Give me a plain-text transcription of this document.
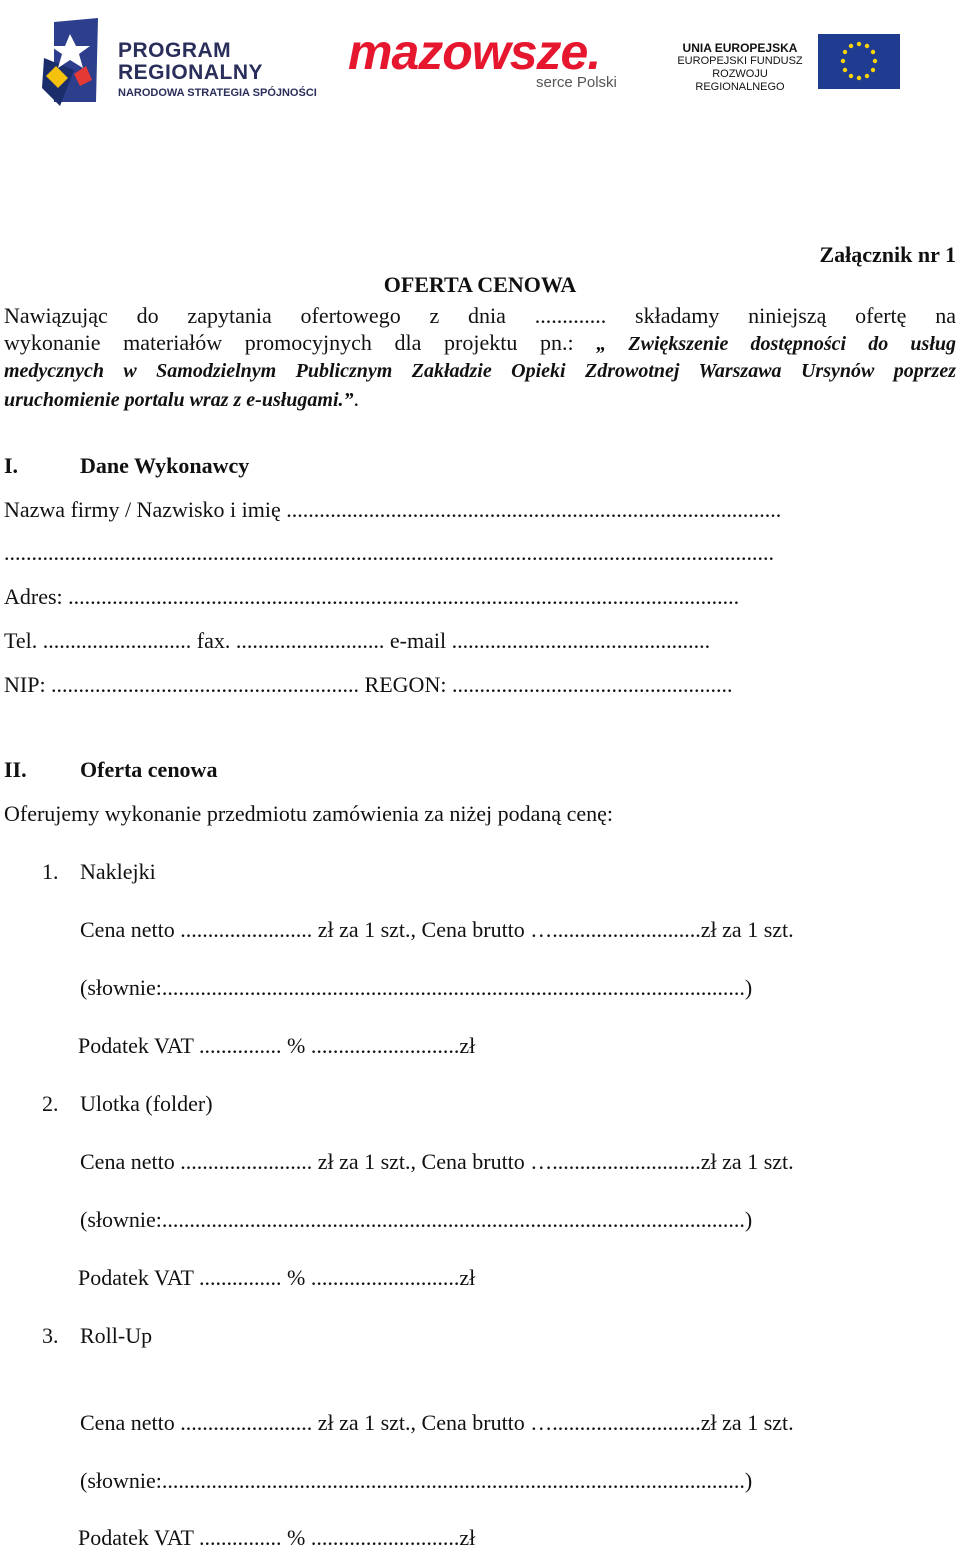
PROGRAM
REGIONALNY
NARODOWA STRATEGIA SPÓJNOŚCI
mazowsze.
serce Polski
UNIA EUROPEJSKA
EUROPEJSKI FUNDUSZ
ROZWOJU REGIONALNEGO
Załącznik nr 1
OFERTA CENOWA

Nawiązując do zapytania ofertowego z dnia ............. składamy niniejszą ofertę na

wykonanie materiałów promocyjnych dla projektu pn.: „ Zwiększenie dostępności do usług

medycznych w Samodzielnym Publicznym Zakładzie Opieki Zdrowotnej Warszawa Ursynów poprzez

uruchomienie portalu wraz z e-usługami.”.

I.	Dane Wykonawcy
Nazwa firmy / Nazwisko i imię ..........................................................................................
............................................................................................................................................
Adres: ..........................................................................................................................
Tel. ........................... fax. ........................... e-mail ...............................................
NIP: ........................................................ REGON: ...................................................
II. Oferta cenowa
Oferujemy wykonanie przedmiotu zamówienia za niżej podaną cenę:
1. Naklejki
Cena netto ........................ zł za 1 szt., Cena brutto …...........................zł za 1 szt.
(słownie:..........................................................................................................)
Podatek VAT ............... % ...........................zł
2. Ulotka (folder)
Cena netto ........................ zł za 1 szt., Cena brutto …...........................zł za 1 szt.
(słownie:..........................................................................................................)
Podatek VAT ............... % ...........................zł
3. Roll-Up
Cena netto ........................ zł za 1 szt., Cena brutto …...........................zł za 1 szt.
(słownie:..........................................................................................................)
Podatek VAT ............... % ...........................zł
